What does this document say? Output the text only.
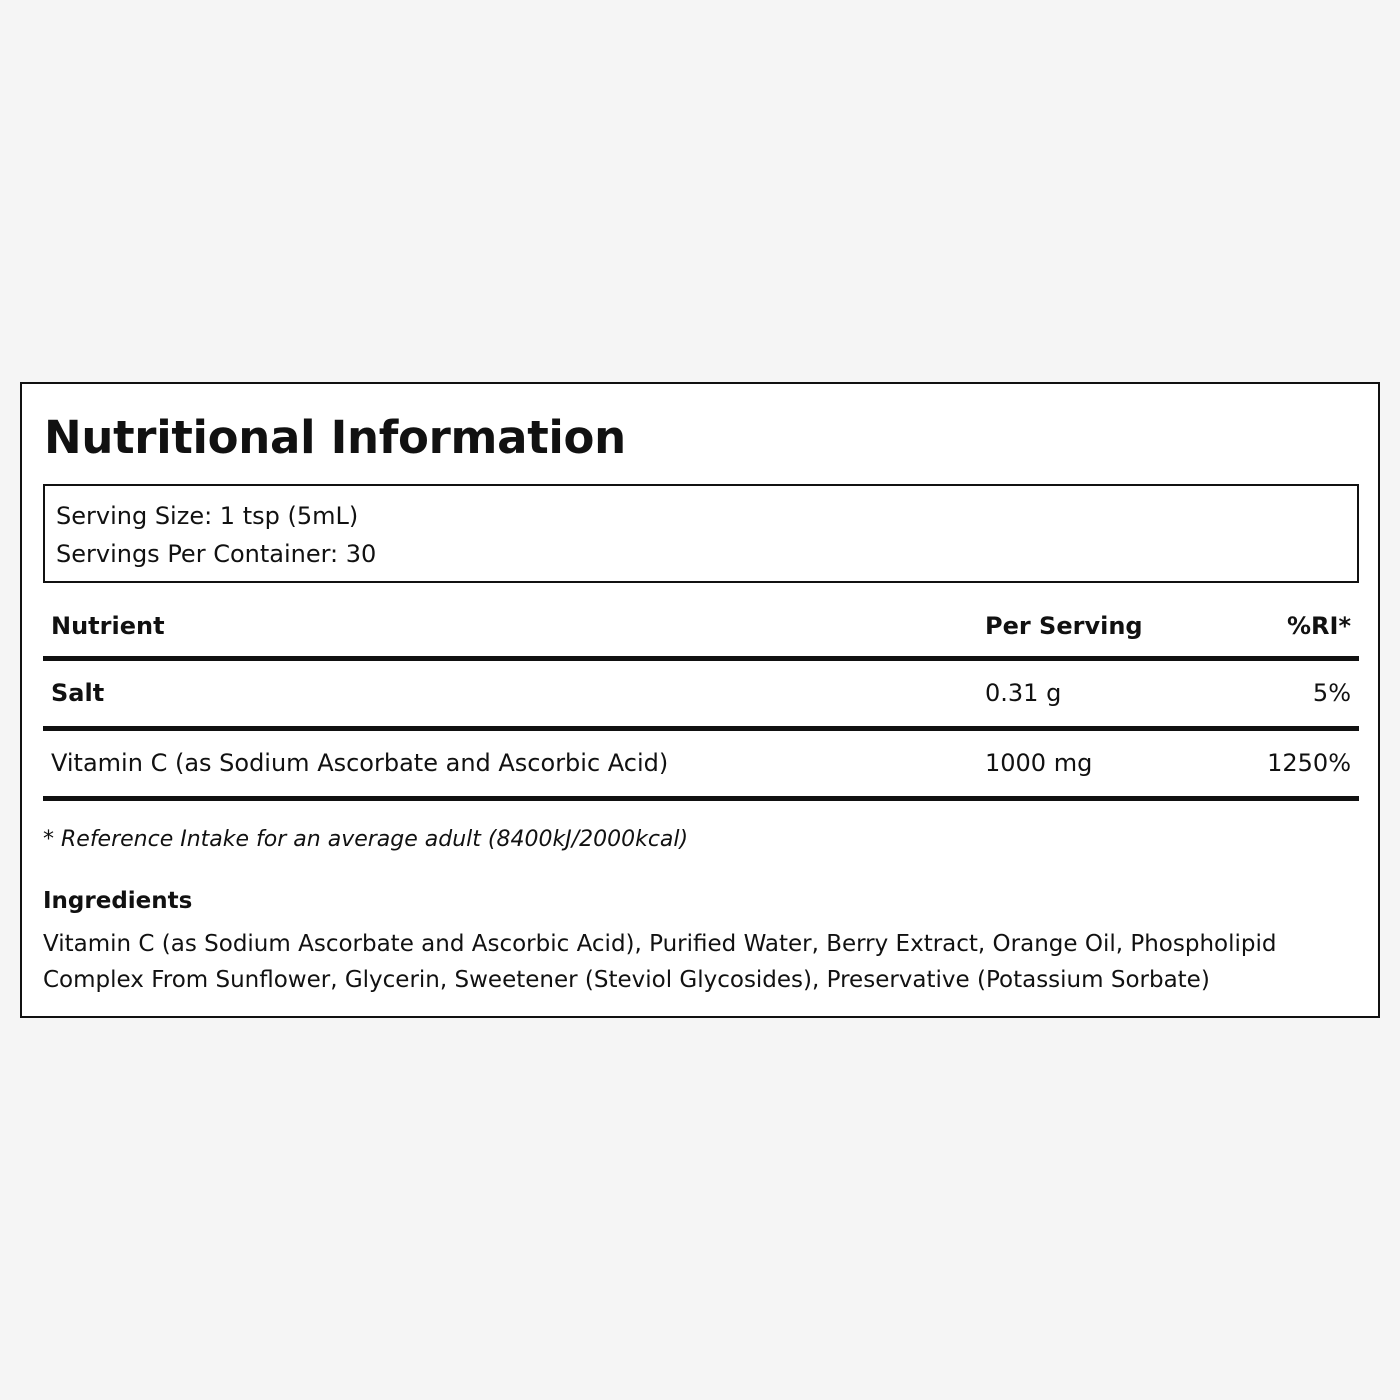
Nutritional Information
Serving Size: 1 tsp (5mL)
Servings Per Container: 30
Nutrient	Per Serving	%RI*
Salt	0.31 g	5%
Vitamin C (as Sodium Ascorbate and Ascorbic Acid)	1000 mg	1250%
* Reference Intake for an average adult (8400kJ/2000kcal)
Ingredients

Vitamin C (as Sodium Ascorbate and Ascorbic Acid), Purified Water, Berry Extract, Orange Oil, Phospholipid Complex From Sunflower, Glycerin, Sweetener (Steviol Glycosides), Preservative (Potassium Sorbate)
